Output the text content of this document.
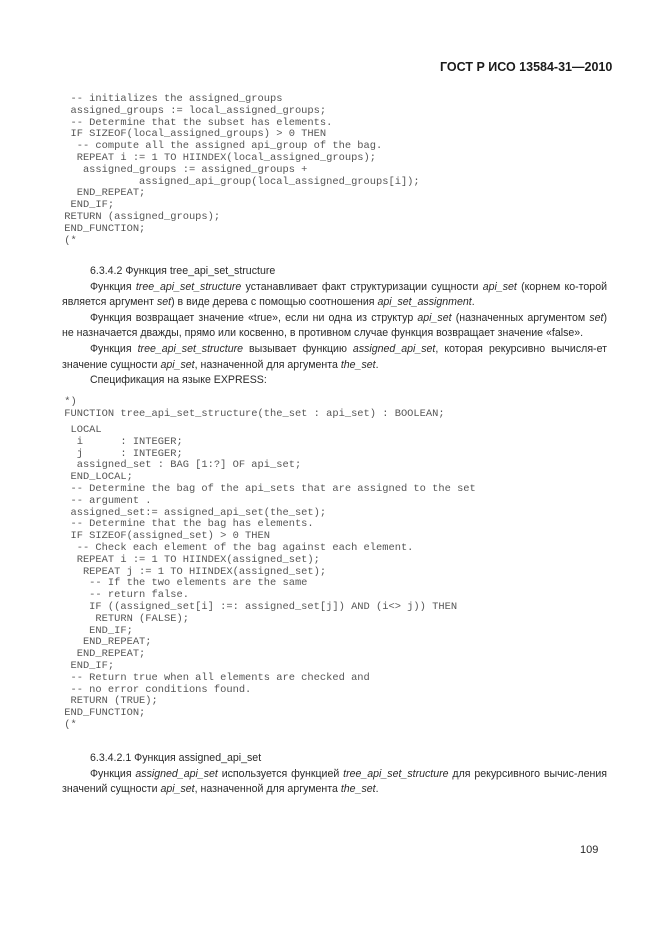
ГОСТ Р ИСО 13584-31—2010
-- initializes the assigned_groups
assigned_groups := local_assigned_groups;
-- Determine that the subset has elements.
IF SIZEOF(local_assigned_groups) > 0 THEN
-- compute all the assigned api_group of the bag.
REPEAT i := 1 TO HIINDEX(local_assigned_groups);
assigned_groups := assigned_groups +
assigned_api_group(local_assigned_groups[i]);
END_REPEAT;
END_IF;
RETURN (assigned_groups);
END_FUNCTION;
(*

6.3.4.2 Функция tree_api_set_structure

Функция tree_api_set_structure устанавливает факт структуризации сущности api_set (корнем ко-торой является аргумент set) в виде дерева с помощью соотношения api_set_assignment.

Функция возвращает значение «true», если ни одна из структур api_set (назначенных аргументом set) не назначается дважды, прямо или косвенно, в противном случае функция возвращает значение «false».

Функция tree_api_set_structure вызывает функцию assigned_api_set, которая рекурсивно вычисля-ет значение сущности api_set, назначенной для аргумента the_set.

Спецификация на языке EXPRESS:

*)
FUNCTION tree_api_set_structure(the_set : api_set) : BOOLEAN;
LOCAL
i      : INTEGER;
j      : INTEGER;
assigned_set : BAG [1:?] OF api_set;
END_LOCAL;
-- Determine the bag of the api_sets that are assigned to the set
-- argument .
assigned_set:= assigned_api_set(the_set);
-- Determine that the bag has elements.
IF SIZEOF(assigned_set) > 0 THEN
-- Check each element of the bag against each element.
REPEAT i := 1 TO HIINDEX(assigned_set);
REPEAT j := 1 TO HIINDEX(assigned_set);
-- If the two elements are the same
-- return false.
IF ((assigned_set[i] :=: assigned_set[j]) AND (i<> j)) THEN
RETURN (FALSE);
END_IF;
END_REPEAT;
END_REPEAT;
END_IF;
-- Return true when all elements are checked and
-- no error conditions found.
RETURN (TRUE);
END_FUNCTION;
(*

6.3.4.2.1 Функция assigned_api_set

Функция assigned_api_set используется функцией tree_api_set_structure для рекурсивного вычис-ления значений сущности api_set, назначенной для аргумента the_set.

109
